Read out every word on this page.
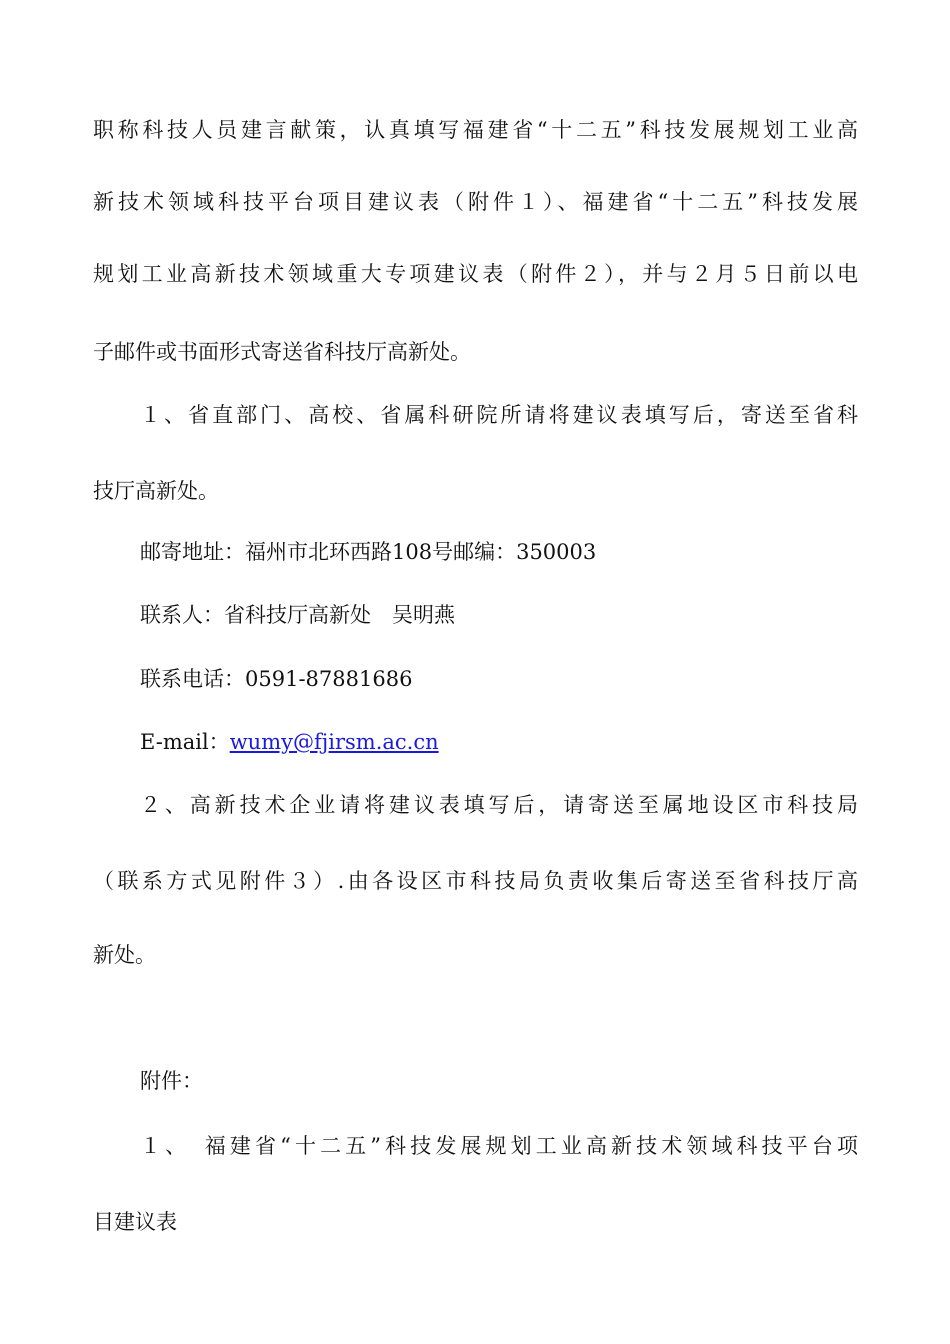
职称科技人员建言献策，认真填写福建省“十二五”科技发展规划工业高
新技术领域科技平台项目建议表（附件１）、福建省“十二五”科技发展
规划工业高新技术领域重大专项建议表（附件２），并与２月５日前以电
子邮件或书面形式寄送省科技厅高新处。
１、省直部门、高校、省属科研院所请将建议表填写后，寄送至省科
技厅高新处。
邮寄地址：福州市北环西路108号邮编：350003
联系人：省科技厅高新处　吴明燕
联系电话：0591-87881686
E-mail：wumy@fjirsm.ac.cn
２、高新技术企业请将建议表填写后，请寄送至属地设区市科技局
（联系方式见附件３）.由各设区市科技局负责收集后寄送至省科技厅高
新处。
附件：
１、　福建省“十二五”科技发展规划工业高新技术领域科技平台项
目建议表
